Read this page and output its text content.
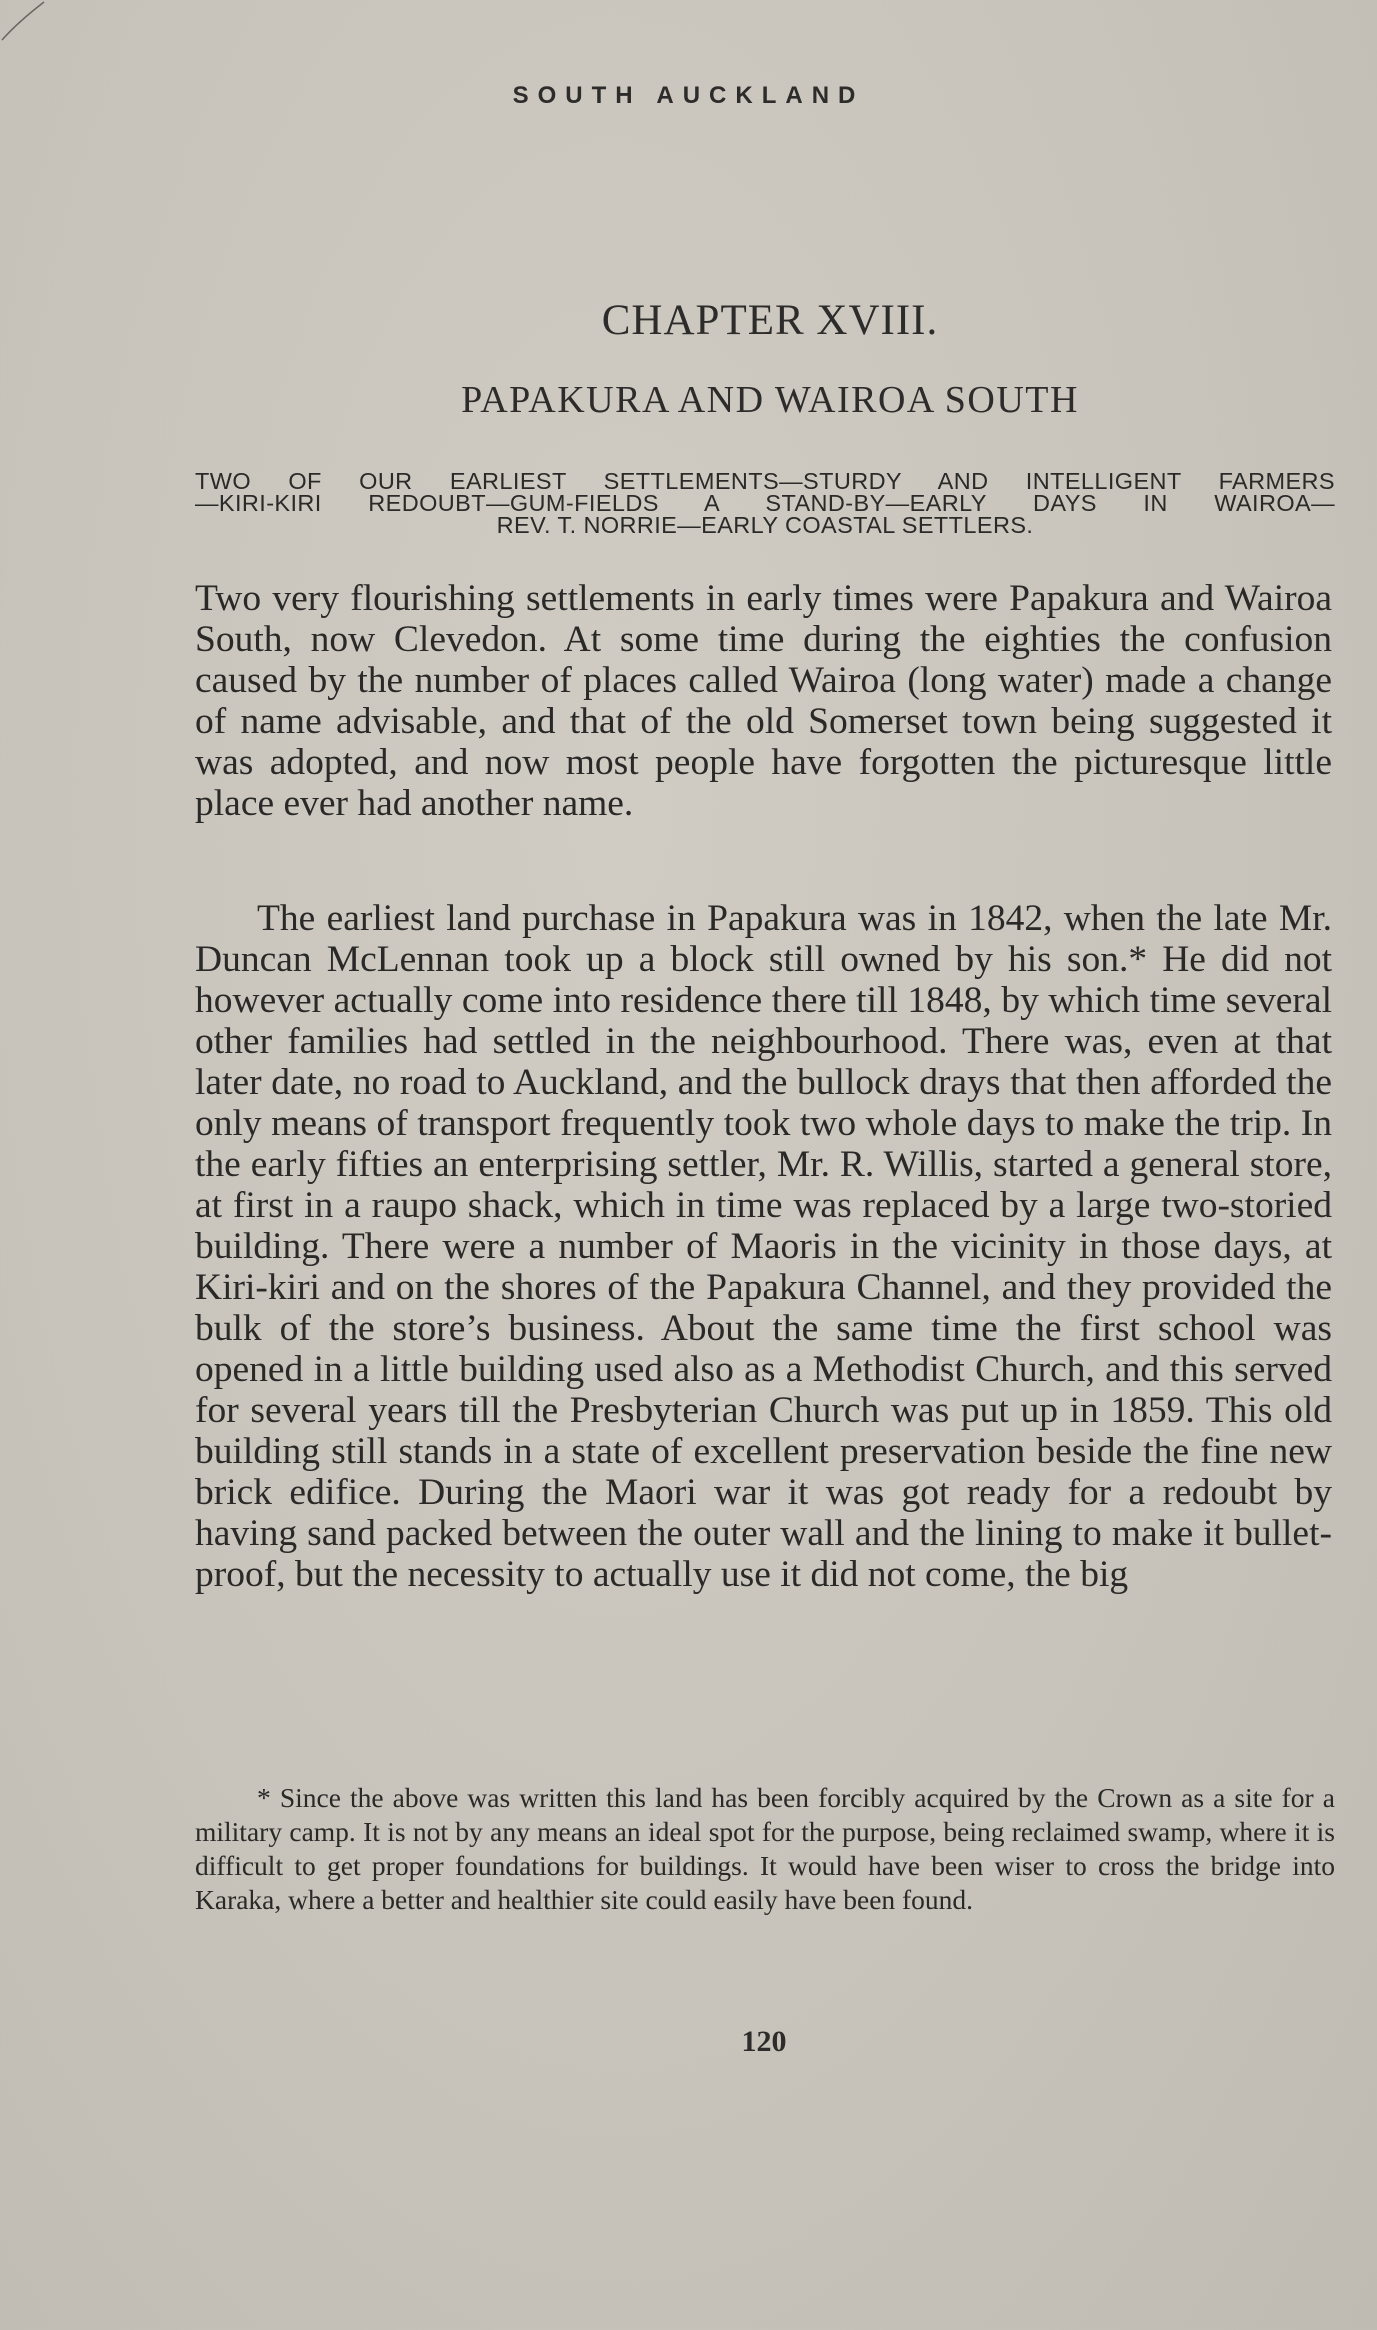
SOUTH AUCKLAND
CHAPTER XVIII.
PAPAKURA AND WAIROA SOUTH
TWO OF OUR EARLIEST SETTLEMENTS—STURDY AND INTELLIGENT FARMERS
—KIRI-KIRI REDOUBT—GUM-FIELDS A STAND-BY—EARLY DAYS IN WAIROA—
REV. T. NORRIE—EARLY COASTAL SETTLERS.

Two very flourishing settlements in early times were Papakura and Wairoa South, now Clevedon. At some time during the eighties the confusion caused by the number of places called Wairoa (long water) made a change of name advisable, and that of the old Somerset town being suggested it was adopted, and now most people have forgotten the picturesque little place ever had another name.

The earliest land purchase in Papakura was in 1842, when the late Mr. Duncan McLennan took up a block still owned by his son.* He did not however actually come into residence there till 1848, by which time several other families had settled in the neighbourhood. There was, even at that later date, no road to Auckland, and the bullock drays that then afforded the only means of transport frequently took two whole days to make the trip. In the early fifties an enterprising settler, Mr. R. Willis, started a general store, at first in a raupo shack, which in time was replaced by a large two-storied building. There were a number of Maoris in the vicinity in those days, at Kiri-kiri and on the shores of the Papakura Channel, and they provided the bulk of the store’s business. About the same time the first school was opened in a little building used also as a Methodist Church, and this served for several years till the Presbyterian Church was put up in 1859. This old building still stands in a state of excellent preservation beside the fine new brick edifice. During the Maori war it was got ready for a redoubt by having sand packed between the outer wall and the lining to make it bullet-proof, but the necessity to actually use it did not come, the big

* Since the above was written this land has been forcibly acquired by the Crown as a site for a military camp. It is not by any means an ideal spot for the purpose, being reclaimed swamp, where it is difficult to get proper foundations for buildings. It would have been wiser to cross the bridge into Karaka, where a better and healthier site could easily have been found.

120
